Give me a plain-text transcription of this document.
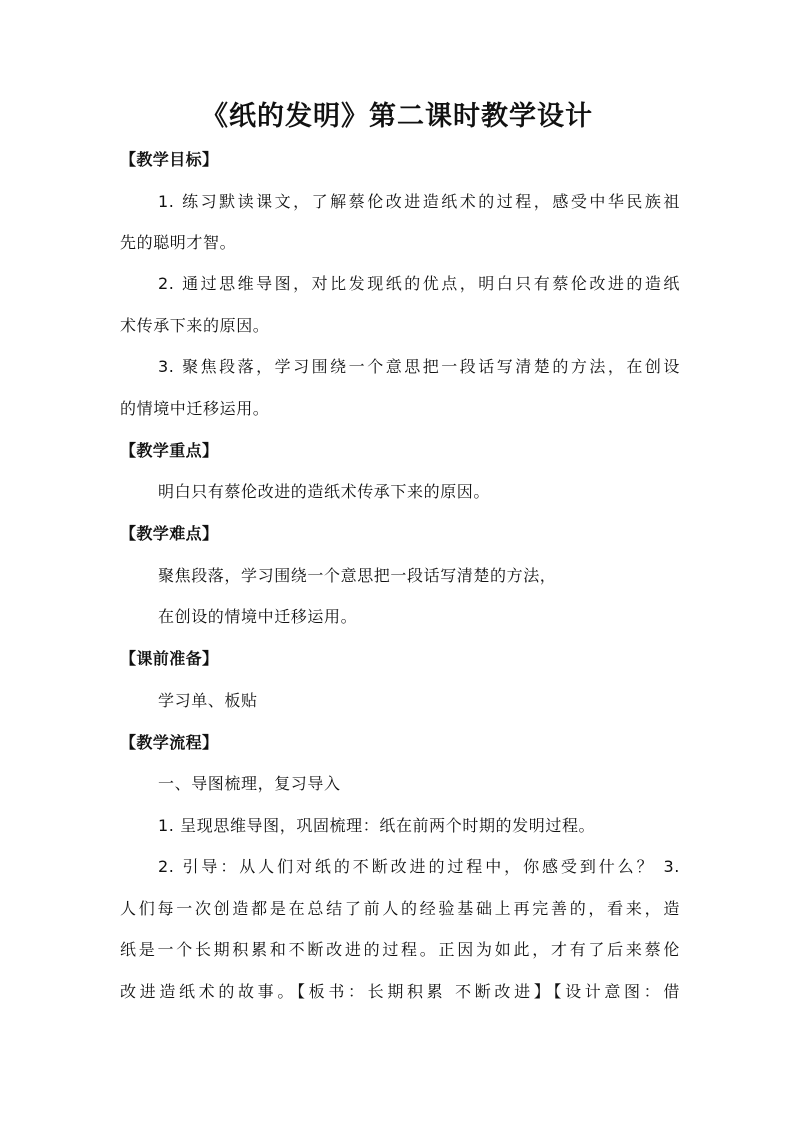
《纸的发明》第二课时教学设计
【教学目标】
1. 练习默读课文，了解蔡伦改进造纸术的过程，感受中华民族祖
先的聪明才智。
2. 通过思维导图，对比发现纸的优点，明白只有蔡伦改进的造纸
术传承下来的原因。
3. 聚焦段落，学习围绕一个意思把一段话写清楚的方法，在创设
的情境中迁移运用。
【教学重点】
明白只有蔡伦改进的造纸术传承下来的原因。
【教学难点】
聚焦段落，学习围绕一个意思把一段话写清楚的方法，
在创设的情境中迁移运用。
【课前准备】
学习单、板贴
【教学流程】
一、导图梳理，复习导入
1. 呈现思维导图，巩固梳理：纸在前两个时期的发明过程。
2. 引导：从人们对纸的不断改进的过程中，你感受到什么？ 3.
人们每一次创造都是在总结了前人的经验基础上再完善的，看来，造
纸是一个长期积累和不断改进的过程。正因为如此，才有了后来蔡伦
改进造纸术的故事。【板书：长期积累 不断改进】【设计意图：借
